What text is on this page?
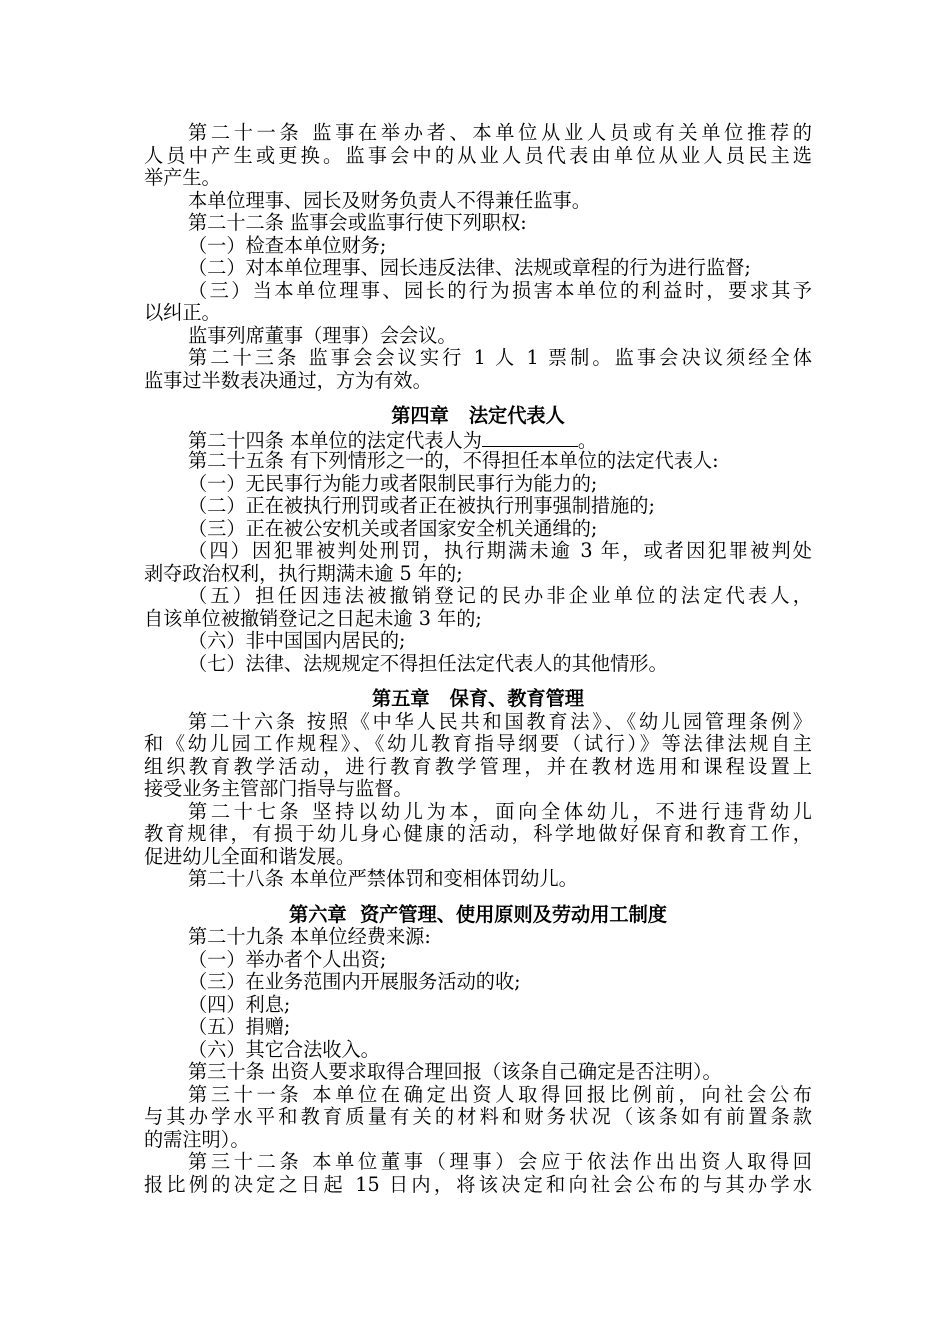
第二十一条 监事在举办者、本单位从业人员或有关单位推荐的
人员中产生或更换。监事会中的从业人员代表由单位从业人员民主选
举产生。
本单位理事、园长及财务负责人不得兼任监事。
第二十二条 监事会或监事行使下列职权:
（一）检查本单位财务;
（二）对本单位理事、园长违反法律、法规或章程的行为进行监督;
（三）当本单位理事、园长的行为损害本单位的利益时，要求其予
以纠正。
监事列席董事（理事）会会议。
第二十三条 监事会会议实行 1 人 1 票制。监事会决议须经全体
监事过半数表决通过，方为有效。
第四章   法定代表人
第二十四条 本单位的法定代表人为	。
第二十五条 有下列情形之一的，不得担任本单位的法定代表人:
（一）无民事行为能力或者限制民事行为能力的;
（二）正在被执行刑罚或者正在被执行刑事强制措施的;
（三）正在被公安机关或者国家安全机关通缉的;
（四）因犯罪被判处刑罚，执行期满未逾 3 年，或者因犯罪被判处
剥夺政治权利，执行期满未逾 5 年的;
（五）担任因违法被撤销登记的民办非企业单位的法定代表人，
自该单位被撤销登记之日起未逾 3 年的;
（六）非中国国内居民的;
（七）法律、法规规定不得担任法定代表人的其他情形。
第五章   保育、教育管理
第二十六条 按照《中华人民共和国教育法》、《幼儿园管理条例》
和《幼儿园工作规程》、《幼儿教育指导纲要（试行）》等法律法规自主
组织教育教学活动，进行教育教学管理，并在教材选用和课程设置上
接受业务主管部门指导与监督。
第二十七条 坚持以幼儿为本，面向全体幼儿，不进行违背幼儿
教育规律，有损于幼儿身心健康的活动，科学地做好保育和教育工作，
促进幼儿全面和谐发展。
第二十八条 本单位严禁体罚和变相体罚幼儿。
第六章  资产管理、使用原则及劳动用工制度
第二十九条 本单位经费来源:
（一）举办者个人出资;
（三）在业务范围内开展服务活动的收;
（四）利息;
（五）捐赠;
（六）其它合法收入。
第三十条 出资人要求取得合理回报（该条自己确定是否注明）。
第三十一条 本单位在确定出资人取得回报比例前，向社会公布
与其办学水平和教育质量有关的材料和财务状况（该条如有前置条款
的需注明）。
第三十二条 本单位董事（理事）会应于依法作出出资人取得回
报比例的决定之日起 15 日内，将该决定和向社会公布的与其办学水
